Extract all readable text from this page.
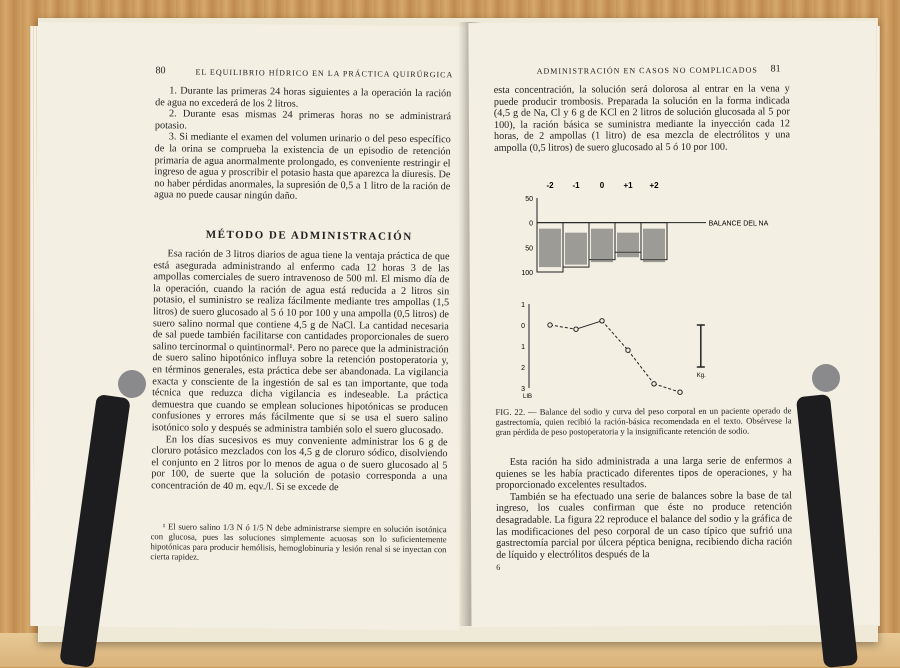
80	EL EQUILIBRIO HÍDRICO EN LA PRÁCTICA QUIRÚRGICA

1. Durante las primeras 24 horas siguientes a la operación la ración de agua no excederá de los 2 litros.

2. Durante esas mismas 24 primeras horas no se administrará potasio.

3. Si mediante el examen del volumen urinario o del peso específico de la orina se comprueba la existencia de un episodio de retención primaria de agua anormalmente prolongado, es conveniente restringir el ingreso de agua y proscribir el potasio hasta que aparezca la diuresis. De no haber pérdidas anormales, la supresión de 0,5 a 1 litro de la ración de agua no puede causar ningún daño.

MÉTODO DE ADMINISTRACIÓN

Esa ración de 3 litros diarios de agua tiene la ventaja práctica de que está asegurada administrando al enfermo cada 12 horas 3 de las ampollas comerciales de suero intravenoso de 500 ml. El mismo día de la operación, cuando la ración de agua está reducida a 2 litros sin potasio, el suministro se realiza fácilmente mediante tres ampollas (1,5 litros) de suero glucosado al 5 ó 10 por 100 y una ampolla (0,5 litros) de suero salino normal que contiene 4,5 g de NaCl. La cantidad necesaria de sal puede también facilitarse con cantidades proporcionales de suero salino tercinormal o quintinormal¹. Pero no parece que la administración de suero salino hipotónico influya sobre la retención postoperatoria y, en términos generales, esta práctica debe ser abandonada. La vigilancia exacta y consciente de la ingestión de sal es tan importante, que toda técnica que reduzca dicha vigilancia es indeseable. La práctica demuestra que cuando se emplean soluciones hipotónicas se producen confusiones y errores más fácilmente que si se usa el suero salino isotónico solo y después se administra también solo el suero glucosado.

En los días sucesivos es muy conveniente administrar los 6 g de cloruro potásico mezclados con los 4,5 g de cloruro sódico, disolviendo el conjunto en 2 litros por lo menos de agua o de suero glucosado al 5 por 100, de suerte que la solución de potasio corresponda a una concentración de 40 m. eqv./l. Si se excede de

¹ El suero salino 1/3 N ó 1/5 N debe administrarse siempre en solución isotónica con glucosa, pues las soluciones simplemente acuosas son lo suficientemente hipotónicas para producir hemólisis, hemoglobinuria y lesión renal si se inyectan con cierta rapidez.

ADMINISTRACIÓN EN CASOS NO COMPLICADOS 81

esta concentración, la solución será dolorosa al entrar en la vena y puede producir trombosis. Preparada la solución en la forma indicada (4,5 g de Na, Cl y 6 g de KCl en 2 litros de solución glucosada al 5 por 100), la ración básica se suministra mediante la inyección cada 12 horas, de 2 ampollas (1 litro) de esa mezcla de electrólitos y una ampolla (0,5 litros) de suero glucosado al 5 ó 10 por 100.

FIG. 22. — Balance del sodio y curva del peso corporal en un paciente operado de gastrectomía, quien recibió la ración-básica recomendada en el texto. Obsérvese la gran pérdida de peso postoperatoria y la insignificante retención de sodio.

Esta ración ha sido administrada a una larga serie de enfermos a quienes se les había practicado diferentes tipos de operaciones, y ha proporcionado excelentes resultados.

También se ha efectuado una serie de balances sobre la base de tal ingreso, los cuales confirman que éste no produce retención desagradable. La figura 22 reproduce el balance del sodio y la gráfica de las modificaciones del peso corporal de un caso típico que sufrió una gastrectomía parcial por úlcera péptica benigna, recibiendo dicha ración de líquido y electrólitos después de la

6
-2 -1	0 +1 +2
50
0
50
100
BALANCE DEL NA
1
0
1
2
3
LIB
Kg.
